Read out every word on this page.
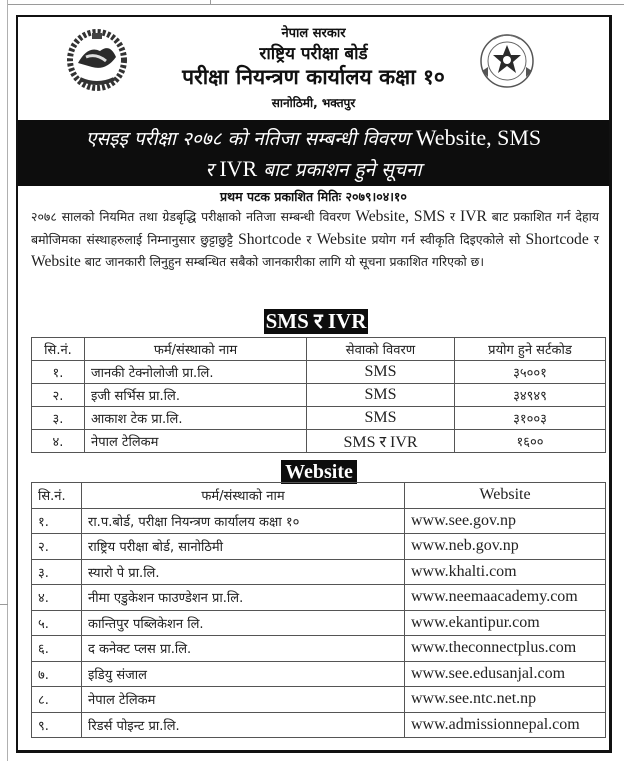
नेपाल सरकार
राष्ट्रिय परीक्षा बोर्ड
परीक्षा नियन्त्रण कार्यालय कक्षा १०
सानोठिमी, भक्तपुर
एसइइ परीक्षा २०७८ को नतिजा सम्बन्धी विवरण Website, SMS
र IVR बाट प्रकाशन हुने सूचना
प्रथम पटक प्रकाशित मितिः २०७९।०४।१०
२०७८ सालको नियमित तथा ग्रेडबृद्धि परीक्षाको नतिजा सम्बन्धी विवरण Website, SMS र IVR बाट प्रकाशित गर्न देहाय बमोजिमका संस्थाहरुलाई निम्नानुसार छुट्टाछुट्टै Shortcode र Website प्रयोग गर्न स्वीकृति दिइएकोले सो Shortcode र Website बाट जानकारी लिनुहुन सम्बन्धित सबैको जानकारीका लागि यो सूचना प्रकाशित गरिएको छ।
SMS र IVR
सि.नं.	फर्म/संस्थाको नाम	सेवाको विवरण	प्रयोग हुने सर्टकोड
१.	जानकी टेक्नोलोजी प्रा.लि.	SMS	३५००१
२.	इजी सर्भिस प्रा.लि.	SMS	३४९४९
३.	आकाश टेक प्रा.लि.	SMS	३१००३
४.	नेपाल टेलिकम	SMS र IVR	१६००
Website
सि.नं.	फर्म/संस्थाको नाम	Website
१.	रा.प.बोर्ड, परीक्षा नियन्त्रण कार्यालय कक्षा १०	www.see.gov.np
२.	राष्ट्रिय परीक्षा बोर्ड, सानोठिमी	www.neb.gov.np
३.	स्यारो पे प्रा.लि.	www.khalti.com
४.	नीमा एडुकेशन फाउण्डेशन प्रा.लि.	www.neemaacademy.com
५.	कान्तिपुर पब्लिकेशन लि.	www.ekantipur.com
६.	द कनेक्ट प्लस प्रा.लि.	www.theconnectplus.com
७.	इडियु संजाल	www.see.edusanjal.com
८.	नेपाल टेलिकम	www.see.ntc.net.np
९.	रिडर्स पोइन्ट प्रा.लि.	www.admissionnepal.com
